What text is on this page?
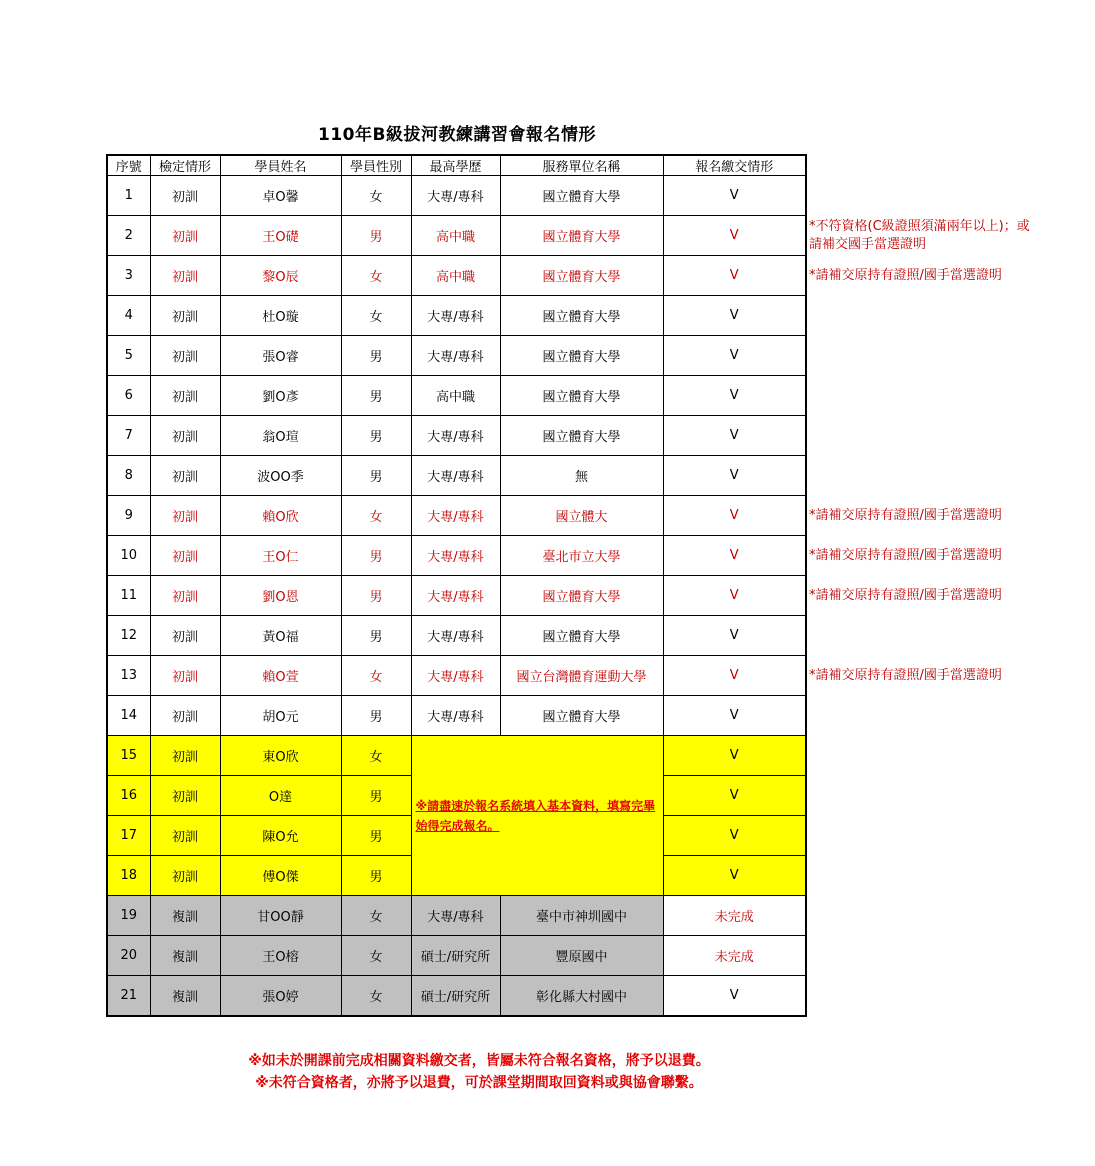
110年B級拔河教練講習會報名情形
序號	檢定情形	學員姓名	學員性別	最高學歷	服務單位名稱	報名繳交情形
1	初訓	卓O馨	女	大專/專科	國立體育大學	V
2	初訓	王O礎	男	高中職	國立體育大學	V
3	初訓	黎O辰	女	高中職	國立體育大學	V
4	初訓	杜O璇	女	大專/專科	國立體育大學	V
5	初訓	張O睿	男	大專/專科	國立體育大學	V
6	初訓	劉O彥	男	高中職	國立體育大學	V
7	初訓	翁O瑄	男	大專/專科	國立體育大學	V
8	初訓	波OO季	男	大專/專科	無	V
9	初訓	賴O欣	女	大專/專科	國立體大	V
10	初訓	王O仁	男	大專/專科	臺北市立大學	V
11	初訓	劉O恩	男	大專/專科	國立體育大學	V
12	初訓	黃O福	男	大專/專科	國立體育大學	V
13	初訓	賴O萱	女	大專/專科	國立台灣體育運動大學	V
14	初訓	胡O元	男	大專/專科	國立體育大學	V
15	初訓	東O欣	女	※請盡速於報名系統填入基本資料，填寫完畢始得完成報名。		V
16	初訓	O達	男			V
17	初訓	陳O允	男			V
18	初訓	傅O傑	男			V
19	複訓	甘OO靜	女	大專/專科	臺中市神圳國中	未完成
20	複訓	王O榕	女	碩士/研究所	豐原國中	未完成
21	複訓	張O婷	女	碩士/研究所	彰化縣大村國中	V
*不符資格(C級證照須滿兩年以上)；或請補交國手當選證明
*請補交原持有證照/國手當選證明
*請補交原持有證照/國手當選證明
*請補交原持有證照/國手當選證明
*請補交原持有證照/國手當選證明
*請補交原持有證照/國手當選證明
※如未於開課前完成相關資料繳交者，皆屬未符合報名資格，將予以退費。
※未符合資格者，亦將予以退費，可於課堂期間取回資料或與協會聯繫。
